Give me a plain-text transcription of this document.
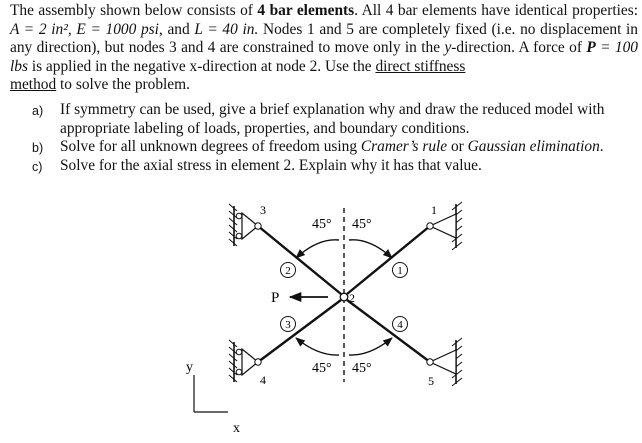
The assembly shown below consists of 4 bar elements. All 4 bar elements have identical properties: A = 2 in², E = 1000 psi, and L = 40 in. Nodes 1 and 5 are completely fixed (i.e. no displacement in any direction), but nodes 3 and 4 are constrained to move only in the y-direction. A force of P = 100 lbs is applied in the negative x-direction at node 2. Use the direct stiffness
method to solve the problem.

a) If symmetry can be used, give a brief explanation why and draw the reduced model with appropriate labeling of loads, properties, and boundary conditions.
b) Solve for all unknown degrees of freedom using Cramer’s rule or Gaussian elimination.
c) Solve for the axial stress in element 2. Explain why it has that value.
P
45° 45°
45° 45°
2	1
3	4
3	1
2
4	5
y
x
